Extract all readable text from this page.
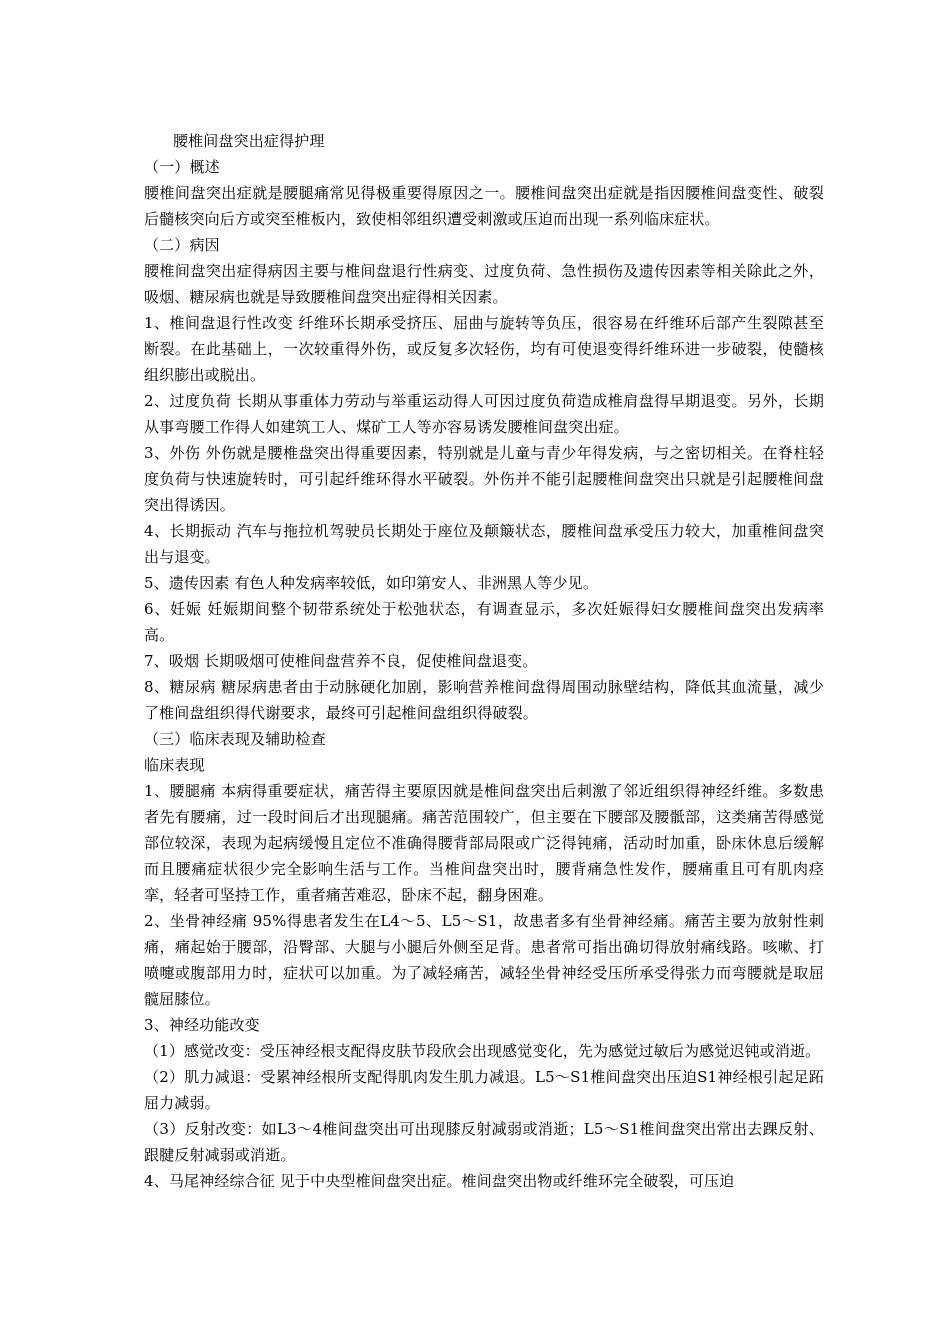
腰椎间盘突出症得护理
（一）概述

腰椎间盘突出症就是腰腿痛常见得极重要得原因之一。腰椎间盘突出症就是指因腰椎间盘变性、破裂后髓核突向后方或突至椎板内，致使相邻组织遭受刺激或压迫而出现一系列临床症状。

（二）病因

腰椎间盘突出症得病因主要与椎间盘退行性病变、过度负荷、急性损伤及遗传因素等相关除此之外，吸烟、糖尿病也就是导致腰椎间盘突出症得相关因素。

1、椎间盘退行性改变 纤维环长期承受挤压、屈曲与旋转等负压，很容易在纤维环后部产生裂隙甚至断裂。在此基础上，一次较重得外伤，或反复多次轻伤，均有可使退变得纤维环进一步破裂，使髓核组织膨出或脱出。

2、过度负荷 长期从事重体力劳动与举重运动得人可因过度负荷造成椎肩盘得早期退变。另外，长期从事弯腰工作得人如建筑工人、煤矿工人等亦容易诱发腰椎间盘突出症。

3、外伤 外伤就是腰椎盘突出得重要因素，特别就是儿童与青少年得发病，与之密切相关。在脊柱轻度负荷与快速旋转时，可引起纤维环得水平破裂。外伤并不能引起腰椎间盘突出只就是引起腰椎间盘突出得诱因。

4、长期振动 汽车与拖拉机驾驶员长期处于座位及颠簸状态，腰椎间盘承受压力较大，加重椎间盘突出与退变。

5、遗传因素 有色人种发病率较低，如印第安人、非洲黑人等少见。

6、妊娠 妊娠期间整个韧带系统处于松弛状态，有调查显示，多次妊娠得妇女腰椎间盘突出发病率高。

7、吸烟 长期吸烟可使椎间盘营养不良，促使椎间盘退变。

8、糖尿病 糖尿病患者由于动脉硬化加剧，影响营养椎间盘得周围动脉壁结构，降低其血流量，减少了椎间盘组织得代谢要求，最终可引起椎间盘组织得破裂。

（三）临床表现及辅助检查
临床表现

1、腰腿痛 本病得重要症状，痛苦得主要原因就是椎间盘突出后刺激了邻近组织得神经纤维。多数患者先有腰痛，过一段时间后才出现腿痛。痛苦范围较广，但主要在下腰部及腰骶部，这类痛苦得感觉部位较深，表现为起病缓慢且定位不准确得腰背部局限或广泛得钝痛，活动时加重，卧床休息后缓解而且腰痛症状很少完全影响生活与工作。当椎间盘突出时，腰背痛急性发作，腰痛重且可有肌肉痉挛，轻者可坚持工作，重者痛苦难忍，卧床不起，翻身困难。

2、坐骨神经痛 95%得患者发生在L4～5、L5～S1，故患者多有坐骨神经痛。痛苦主要为放射性刺痛，痛起始于腰部，沿臀部、大腿与小腿后外侧至足背。患者常可指出确切得放射痛线路。咳嗽、打喷嚏或腹部用力时，症状可以加重。为了减轻痛苦，减轻坐骨神经受压所承受得张力而弯腰就是取屈髋屈膝位。

3、神经功能改变

（1）感觉改变：受压神经根支配得皮肤节段欣会出现感觉变化，先为感觉过敏后为感觉迟钝或消逝。

（2）肌力减退：受累神经根所支配得肌肉发生肌力减退。L5～S1椎间盘突出压迫S1神经根引起足跖屈力减弱。

（3）反射改变：如L3～4椎间盘突出可出现膝反射减弱或消逝；L5～S1椎间盘突出常出去踝反射、跟腱反射减弱或消逝。

4、马尾神经综合征 见于中央型椎间盘突出症。椎间盘突出物或纤维环完全破裂，可压迫
